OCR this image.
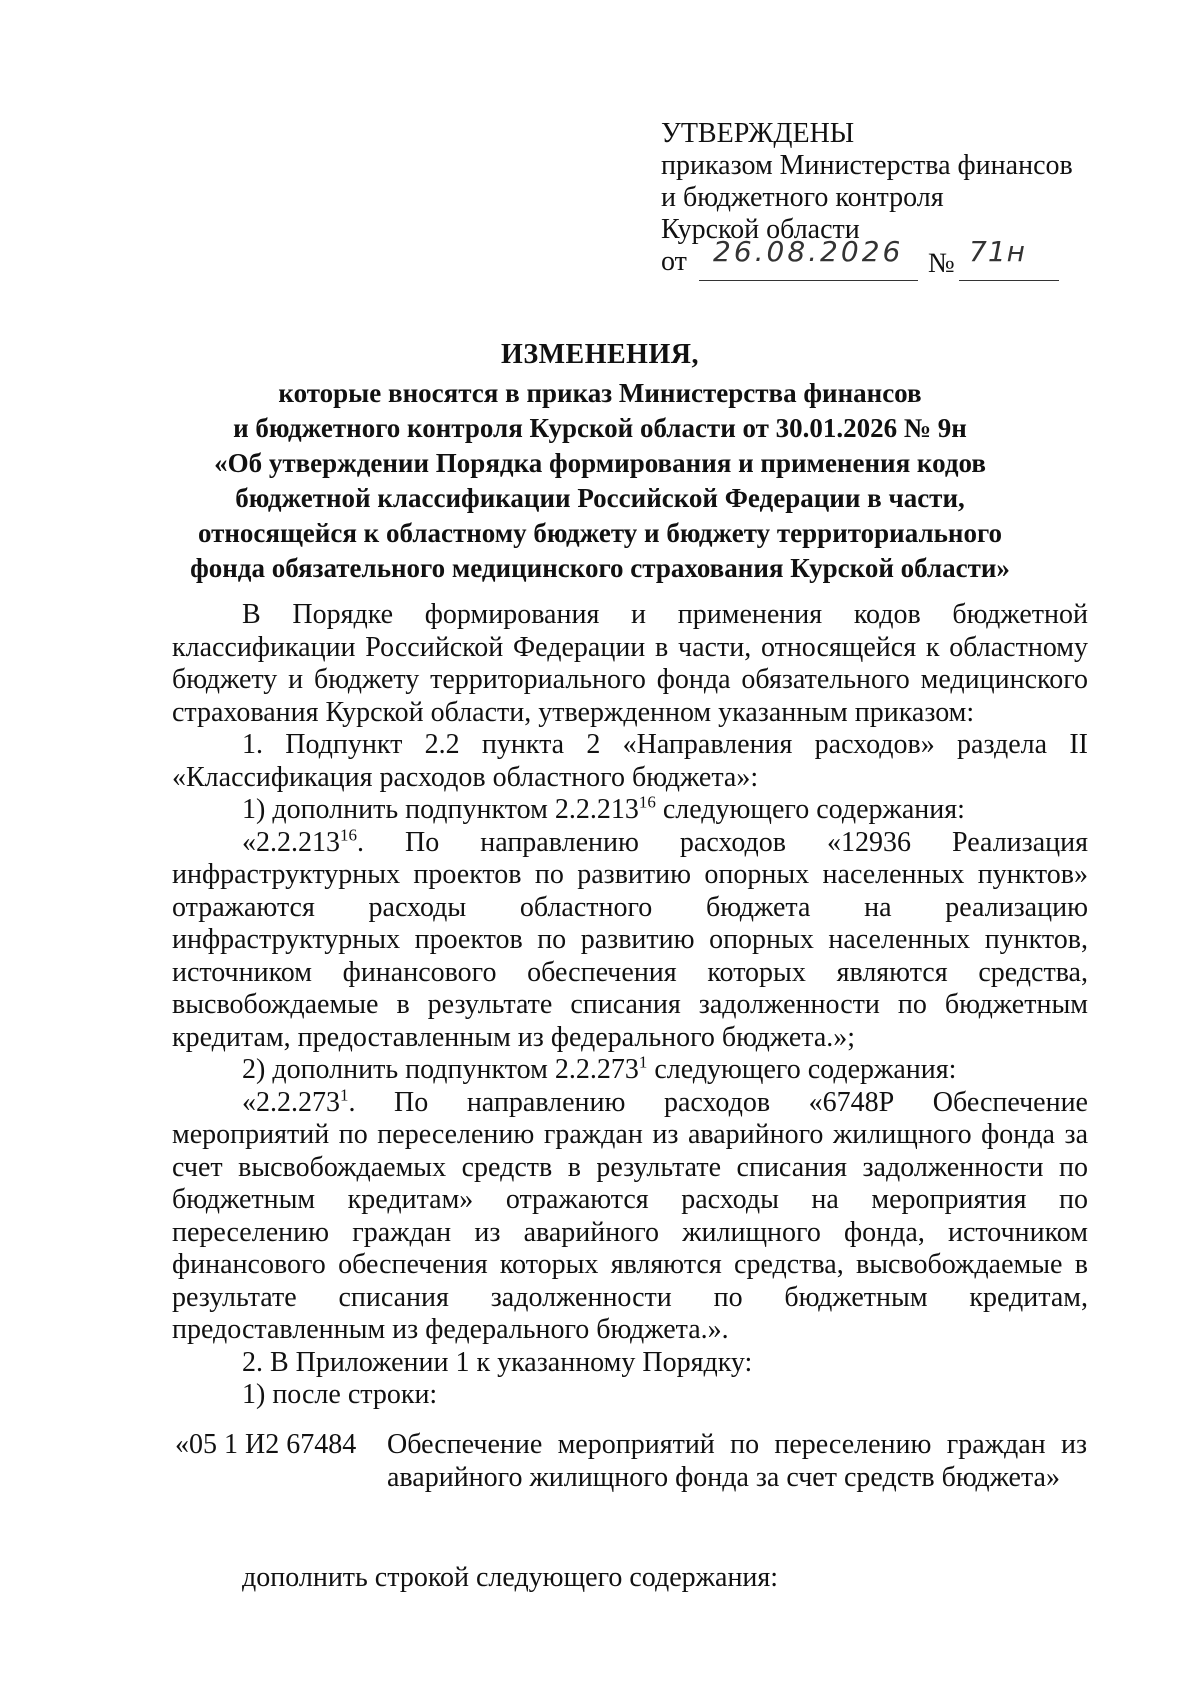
УТВЕРЖДЕНЫ
приказом Министерства финансов
и бюджетного контроля
Курской области
от 26.08.2026 № 71н
ИЗМЕНЕНИЯ,
которые вносятся в приказ Министерства финансов
и бюджетного контроля Курской области от 30.01.2026 № 9н
«Об утверждении Порядка формирования и применения кодов
бюджетной классификации Российской Федерации в части,
относящейся к областному бюджету и бюджету территориального
фонда обязательного медицинского страхования Курской области»

В Порядке формирования и применения кодов бюджетной классификации Российской Федерации в части, относящейся к областному бюджету и бюджету территориального фонда обязательного медицинского страхования Курской области, утвержденном указанным приказом:

1. Подпункт 2.2 пункта 2 «Направления расходов» раздела II «Классификация расходов областного бюджета»:

1) дополнить подпунктом 2.2.213$^{16}$ следующего содержания:

«2.2.213$^{16}$. По направлению расходов «12936 Реализация инфраструктурных проектов по развитию опорных населенных пунктов» отражаются расходы областного бюджета на реализацию инфраструктурных проектов по развитию опорных населенных пунктов, источником финансового обеспечения которых являются средства, высвобождаемые в результате списания задолженности по бюджетным кредитам, предоставленным из федерального бюджета.»;

2) дополнить подпунктом 2.2.273$^1$ следующего содержания:

«2.2.273$^1$. По направлению расходов «6748Р Обеспечение мероприятий по переселению граждан из аварийного жилищного фонда за счет высвобождаемых средств в результате списания задолженности по бюджетным кредитам» отражаются расходы на мероприятия по переселению граждан из аварийного жилищного фонда, источником финансового обеспечения которых являются средства, высвобождаемые в результате списания задолженности по бюджетным кредитам, предоставленным из федерального бюджета.».

2. В Приложении 1 к указанному Порядку:

1) после строки:

«05 1 И2 67484 Обеспечение мероприятий по переселению граждан из аварийного жилищного фонда за счет средств бюджета»
дополнить строкой следующего содержания:
